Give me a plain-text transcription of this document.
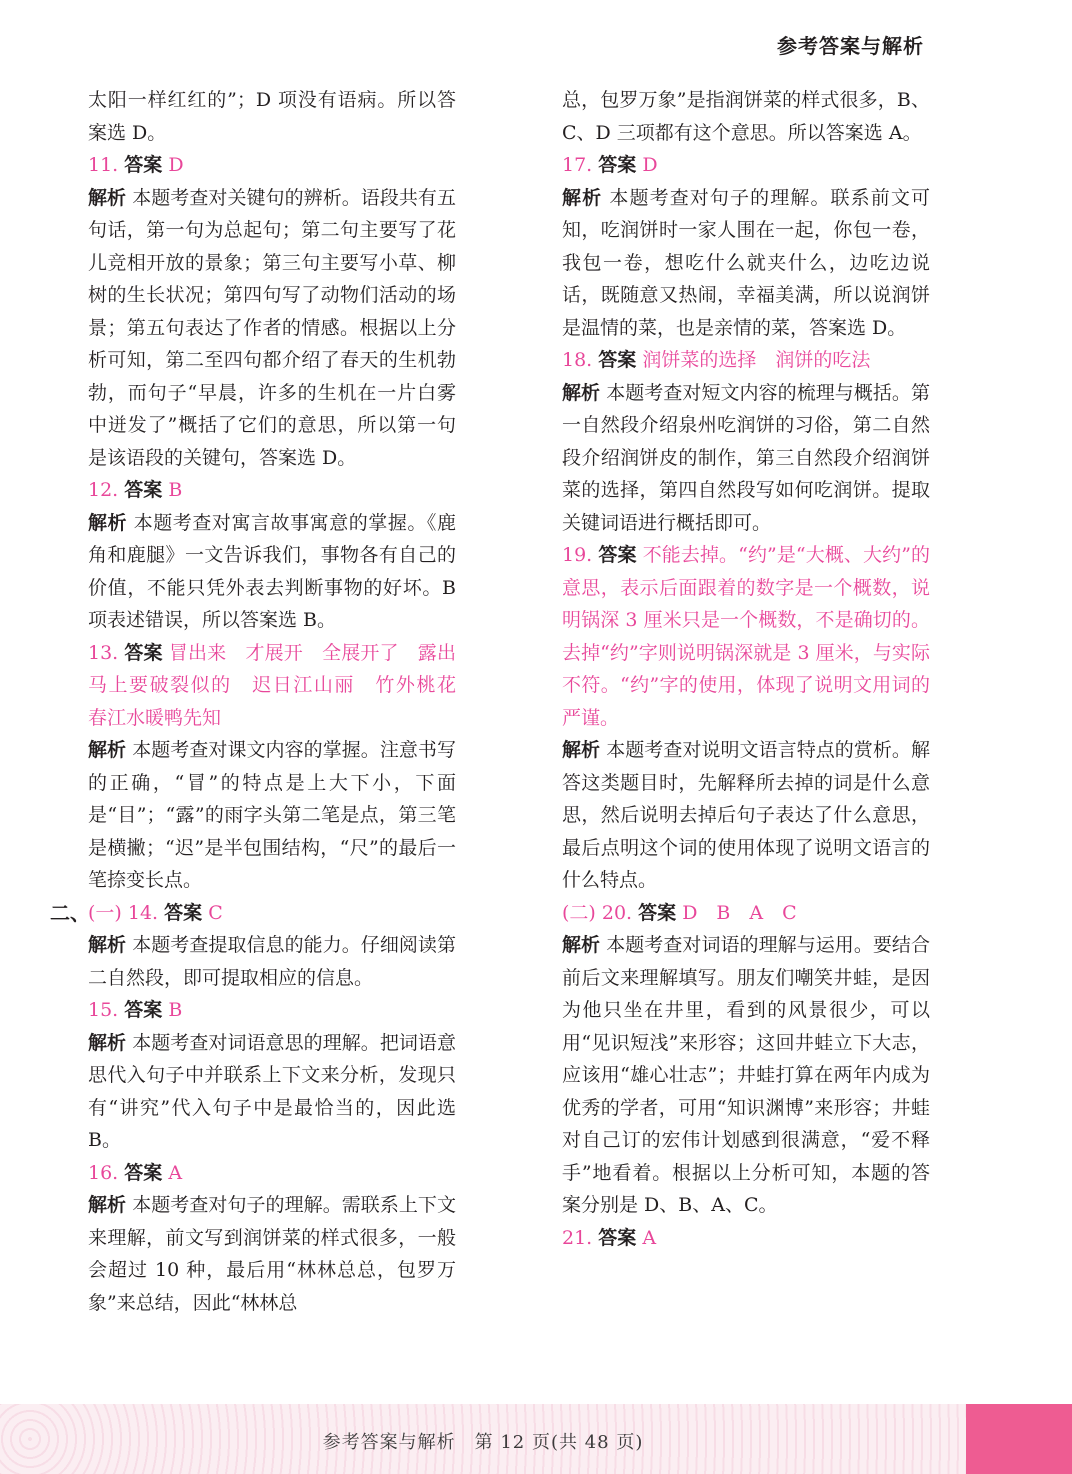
参考答案与解析

太阳一样红红的”；D 项没有语病。所以答案选 D。

11. 答案 D

解析 本题考查对关键句的辨析。语段共有五句话，第一句为总起句；第二句主要写了花儿竞相开放的景象；第三句主要写小草、柳树的生长状况；第四句写了动物们活动的场景；第五句表达了作者的情感。根据以上分析可知，第二至四句都介绍了春天的生机勃勃，而句子“早晨，许多的生机在一片白雾中迸发了”概括了它们的意思，所以第一句是该语段的关键句，答案选 D。

12. 答案 B

解析 本题考查对寓言故事寓意的掌握。《鹿角和鹿腿》一文告诉我们，事物各有自己的价值，不能只凭外表去判断事物的好坏。B 项表述错误，所以答案选 B。

13. 答案 冒出来　才展开　全展开了　露出　马上要破裂似的　迟日江山丽　竹外桃花　春江水暖鸭先知

解析 本题考查对课文内容的掌握。注意书写的正确，“冒”的特点是上大下小，下面是“目”；“露”的雨字头第二笔是点，第三笔是横撇；“迟”是半包围结构，“尺”的最后一笔捺变长点。

二、
(一) 14. 答案 C

解析 本题考查提取信息的能力。仔细阅读第二自然段，即可提取相应的信息。

15. 答案 B

解析 本题考查对词语意思的理解。把词语意思代入句子中并联系上下文来分析，发现只有“讲究”代入句子中是最恰当的，因此选 B。

16. 答案 A

解析 本题考查对句子的理解。需联系上下文来理解，前文写到润饼菜的样式很多，一般会超过 10 种，最后用“林林总总，包罗万象”来总结，因此“林林总

总，包罗万象”是指润饼菜的样式很多，B、C、D 三项都有这个意思。所以答案选 A。

17. 答案 D

解析 本题考查对句子的理解。联系前文可知，吃润饼时一家人围在一起，你包一卷，我包一卷，想吃什么就夹什么，边吃边说话，既随意又热闹，幸福美满，所以说润饼是温情的菜，也是亲情的菜，答案选 D。

18. 答案 润饼菜的选择　润饼的吃法

解析 本题考查对短文内容的梳理与概括。第一自然段介绍泉州吃润饼的习俗，第二自然段介绍润饼皮的制作，第三自然段介绍润饼菜的选择，第四自然段写如何吃润饼。提取关键词语进行概括即可。

19. 答案 不能去掉。“约”是“大概、大约”的意思，表示后面跟着的数字是一个概数，说明锅深 3 厘米只是一个概数，不是确切的。去掉“约”字则说明锅深就是 3 厘米，与实际不符。“约”字的使用，体现了说明文用词的严谨。

解析 本题考查对说明文语言特点的赏析。解答这类题目时，先解释所去掉的词是什么意思，然后说明去掉后句子表达了什么意思，最后点明这个词的使用体现了说明文语言的什么特点。

(二) 20. 答案 D　B　A　C

解析 本题考查对词语的理解与运用。要结合前后文来理解填写。朋友们嘲笑井蛙，是因为他只坐在井里，看到的风景很少，可以用“见识短浅”来形容；这回井蛙立下大志，应该用“雄心壮志”；井蛙打算在两年内成为优秀的学者，可用“知识渊博”来形容；井蛙对自己订的宏伟计划感到很满意，“爱不释手”地看着。根据以上分析可知，本题的答案分别是 D、B、A、C。

21. 答案 A

参考答案与解析　第 12 页(共 48 页)
